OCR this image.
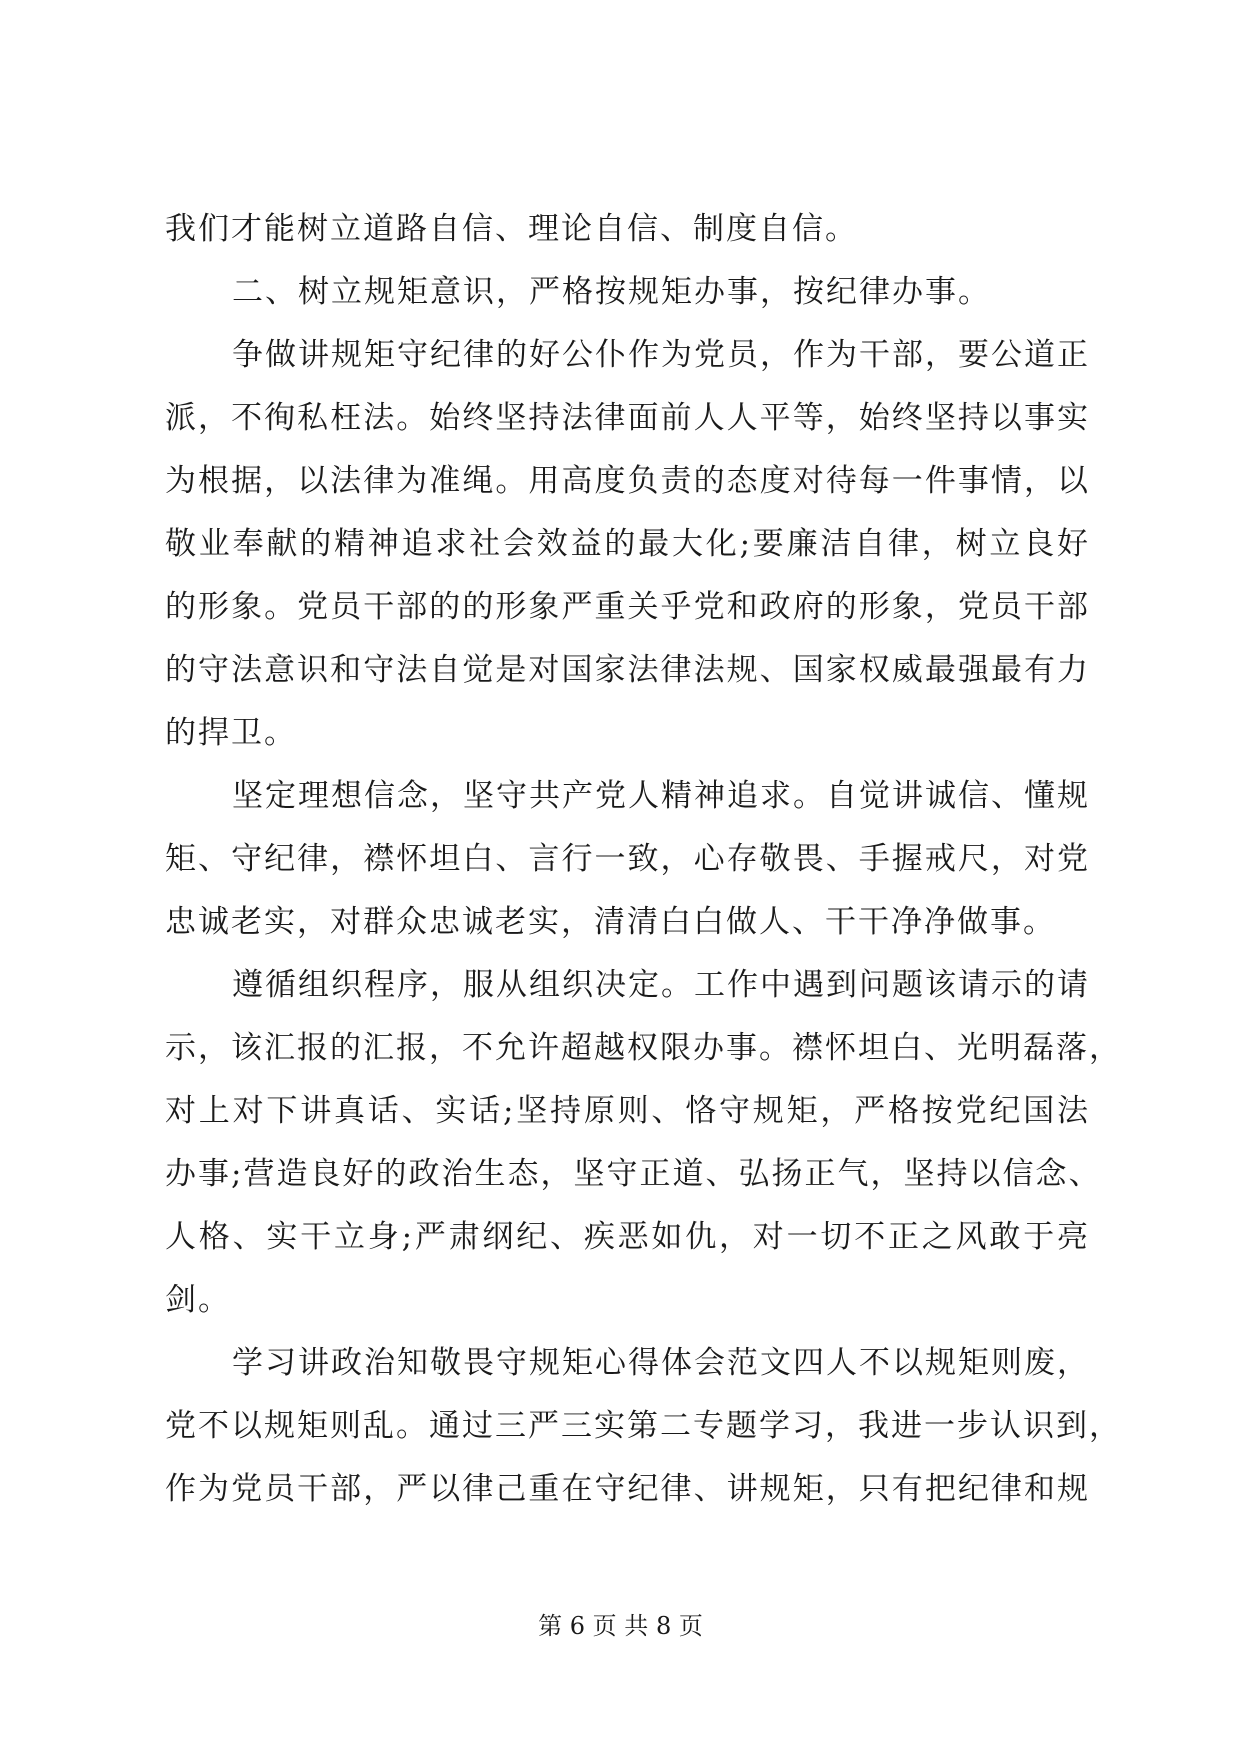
我们才能树立道路自信、理论自信、制度自信。
二、树立规矩意识，严格按规矩办事，按纪律办事。
争做讲规矩守纪律的好公仆作为党员，作为干部，要公道正
派，不徇私枉法。始终坚持法律面前人人平等，始终坚持以事实
为根据，以法律为准绳。用高度负责的态度对待每一件事情，以
敬业奉献的精神追求社会效益的最大化;要廉洁自律，树立良好
的形象。党员干部的的形象严重关乎党和政府的形象，党员干部
的守法意识和守法自觉是对国家法律法规、国家权威最强最有力
的捍卫。
坚定理想信念，坚守共产党人精神追求。自觉讲诚信、懂规
矩、守纪律，襟怀坦白、言行一致，心存敬畏、手握戒尺，对党
忠诚老实，对群众忠诚老实，清清白白做人、干干净净做事。
遵循组织程序，服从组织决定。工作中遇到问题该请示的请
示，该汇报的汇报，不允许超越权限办事。襟怀坦白、光明磊落，
对上对下讲真话、实话;坚持原则、恪守规矩，严格按党纪国法
办事;营造良好的政治生态，坚守正道、弘扬正气，坚持以信念、
人格、实干立身;严肃纲纪、疾恶如仇，对一切不正之风敢于亮
剑。
学习讲政治知敬畏守规矩心得体会范文四人不以规矩则废，
党不以规矩则乱。通过三严三实第二专题学习，我进一步认识到，
作为党员干部，严以律己重在守纪律、讲规矩，只有把纪律和规
第 6 页 共 8 页
